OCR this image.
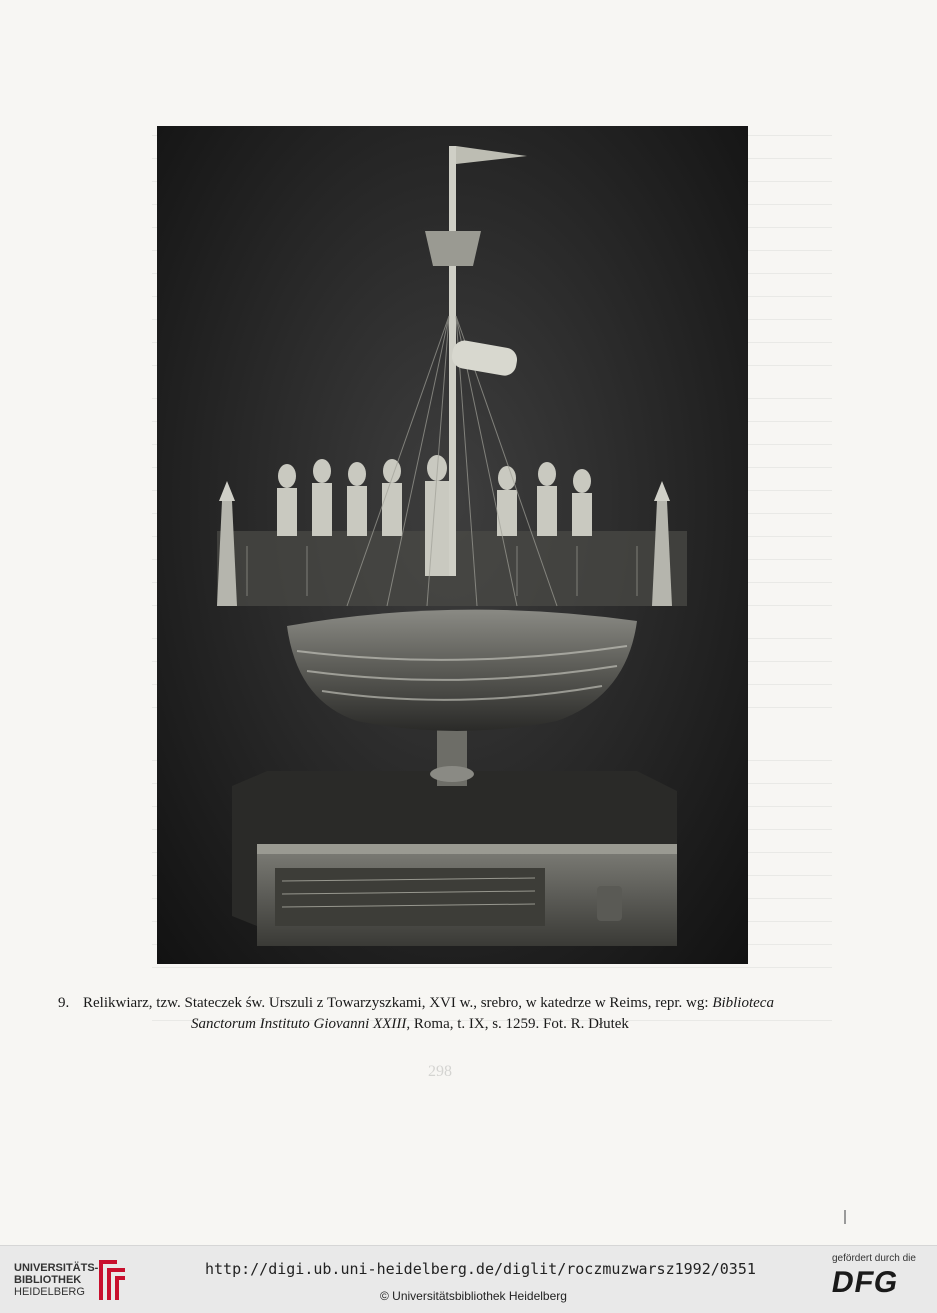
298
9. Relikwiarz, tzw. Stateczek św. Urszuli z Towarzyszkami, XVI w., srebro, w katedrze w Reims, repr. wg: Biblioteca
Sanctorum Instituto Giovanni XXIII, Roma, t. IX, s. 1259. Fot. R. Dłutek
UNIVERSITÄTS-
BIBLIOTHEK
HEIDELBERG
http://digi.ub.uni-heidelberg.de/diglit/roczmuzwarsz1992/0351
© Universitätsbibliothek Heidelberg
gefördert durch die
DFG
